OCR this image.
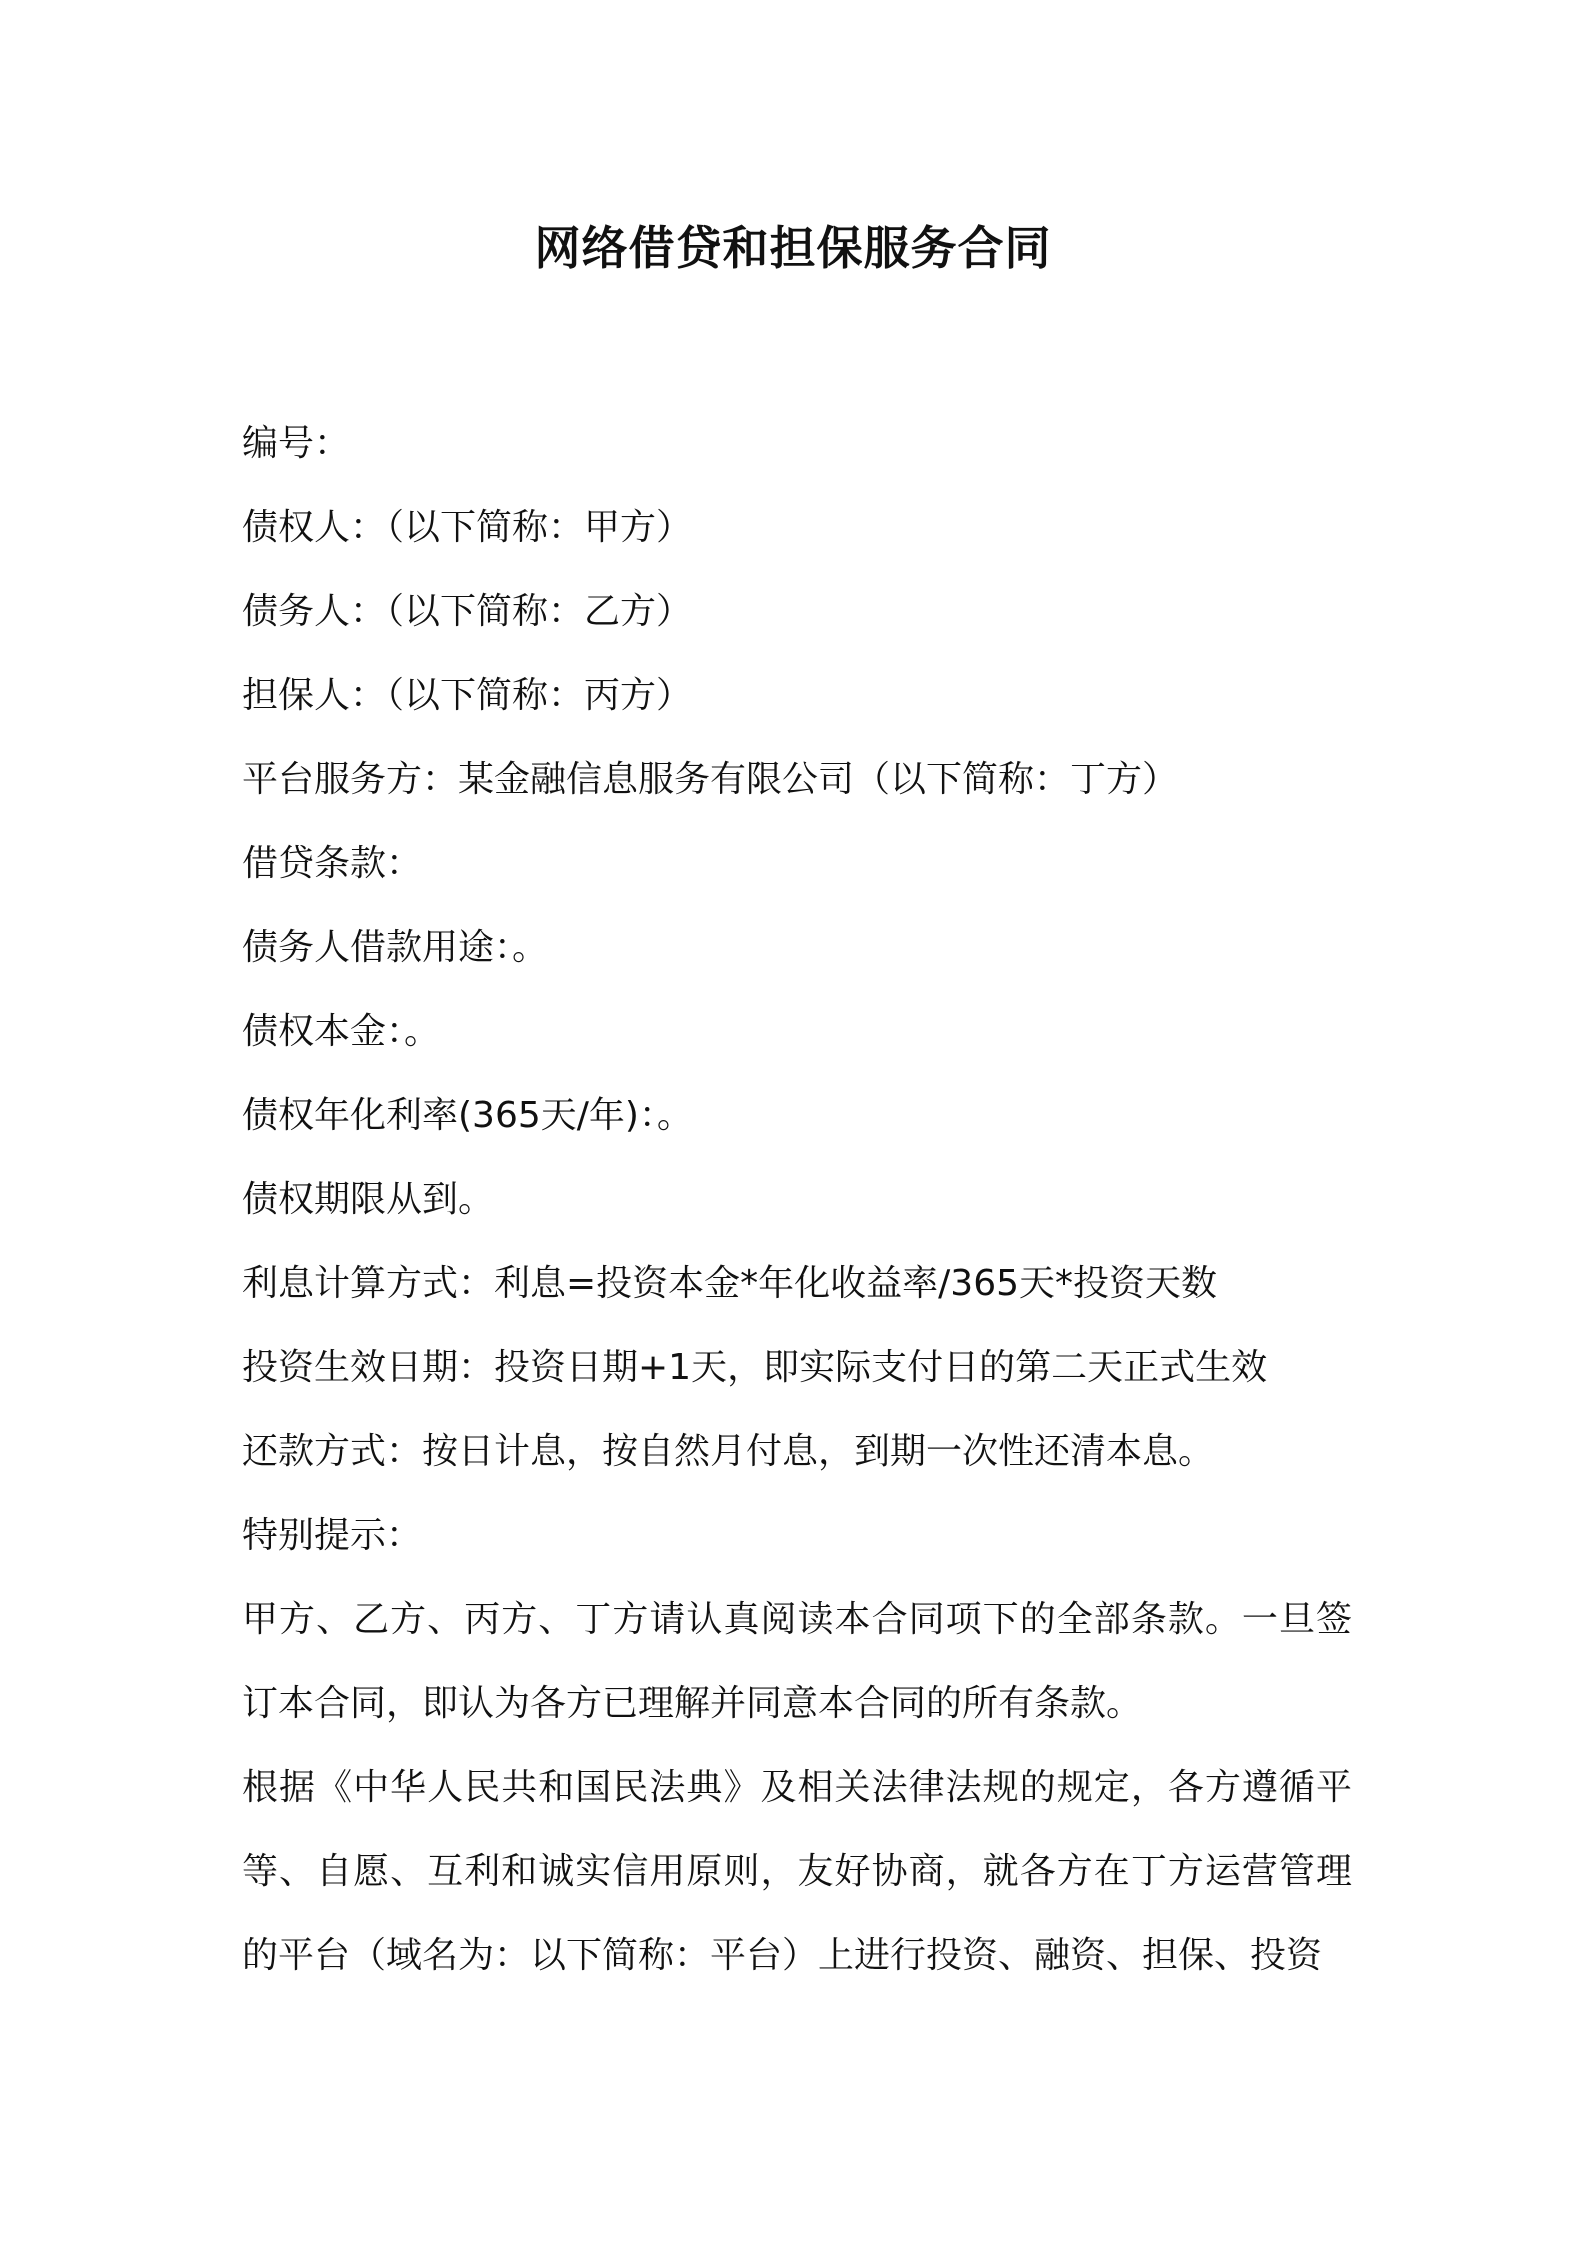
网络借贷和担保服务合同

编号：

债权人：（以下简称：甲方）

债务人：（以下简称：乙方）

担保人：（以下简称：丙方）

平台服务方：某金融信息服务有限公司（以下简称：丁方）

借贷条款：

债务人借款用途：。

债权本金：。

债权年化利率(365天/年)：。

债权期限从到。

利息计算方式：利息=投资本金*年化收益率/365天*投资天数

投资生效日期：投资日期+1天，即实际支付日的第二天正式生效

还款方式：按日计息，按自然月付息，到期一次性还清本息。

特别提示：

甲方、乙方、丙方、丁方请认真阅读本合同项下的全部条款。一旦签订本合同，即认为各方已理解并同意本合同的所有条款。

根据《中华人民共和国民法典》及相关法律法规的规定，各方遵循平等、自愿、互利和诚实信用原则，友好协商，就各方在丁方运营管理的平台（域名为：以下简称：平台）上进行投资、融资、担保、投资
